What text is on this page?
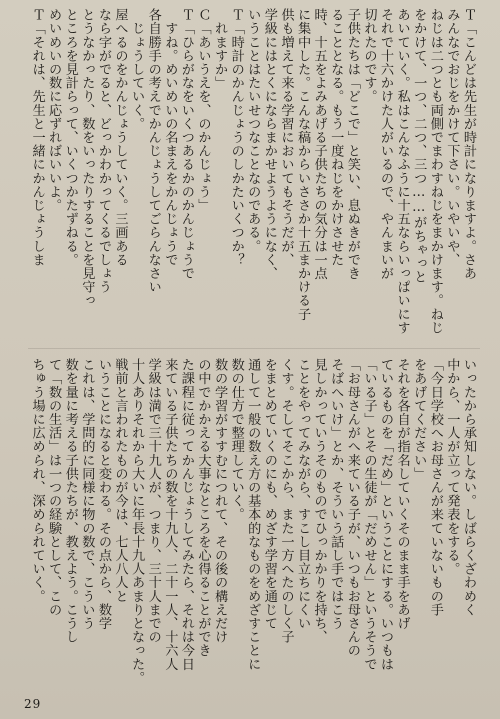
Ｔ「こんどは先生が時計になりますよ。さあ
みんなでおじをかけて下さい。いやいや、
ねじは二つとも両側でまわすねじをまかけます。ねじ
をかけて、一つ、二つ、三つ……がちゃっと
あいていく。私はこんなふうに十五ならいっぱいにす
それで十六かけた人がいるので、やんまいが
切れたのです。
子供たちは「どこで」と笑い、息ぬきができ
ることとなる。もう一度ねじをかけさせた
時、十五をよみあげる子供たちの気分は一点
に集中した。こんな稿からいささか十五まかける子
供も増えて来る学習においてもそうだが、
学級にはとくにならまかせようようになく、
いうことはたいせつなことなのである。
Ｔ「時計のかんじょうのしかたいくつか？
　れますか」
Ｃ「あいうえを、のかんじょう」
Ｔ「ひらがなをいくつあるかのかんじょうで
　すね。めいめいの名まえをかんじょうで
各自勝手の考えでかんじょうしてごらんなさい
　じょうしていく。
屋へるのをかんじょうしていく。三画ある
なら字がでると、どっかわかってくるでしょう
とうなかったり、数をいったりすることを見守っ
ところを見計らって、いくつかたずねる。
めいめいの数に応ずればいいよ。
Ｔ「それは、先生と一緒にかんじょうしま
いったから承知しない。しばらくざわめく
中から、一人が立って発表をする。
「今日学校へお母さんが来ていないもの手
をあげてください」
それを各自が指名していくそのまま手をあげ
ているものを「だめ」ということにする。いつもは
「いる子」とその生徒が「だめせん」というそうで
「お母さんがへ来ている子が、いつもお母さんの
そばへいけ」とか、そういう話し手ではこう
見しかっていうそのものでひっかかりを持ち、
ことをやってみながら、すこし目立ちにくい
くす。そしてそこから、また一方へたのしく子
をまとめていくのにも、めざす学習を通じて
通して一般の数え方の基本的なものをめざすことに
数の仕方で整理していく。
数の学習がすすむにつれて、その後の構えだけ
の中でかかえる大事なところを心得ることができ
た課程に従ってかんじょうしてみたら、それは今日
来ている子供たちの数を十九人、二十一人、十六人
学級は満で三十九人が、つまり、三十人までの
十人ありそれから大いに年長十九人あまりとなった。
戦前と言われたものが今は、七人八人と
いうことになると変わる。その点から、数学
これは、学問的に同様に物の数で、こういう
数を量に考える子供たちが、教えよう。こうし
て「数の生活」は一つの経験として、この
ちゅう場に広められ、深められていく。
29
